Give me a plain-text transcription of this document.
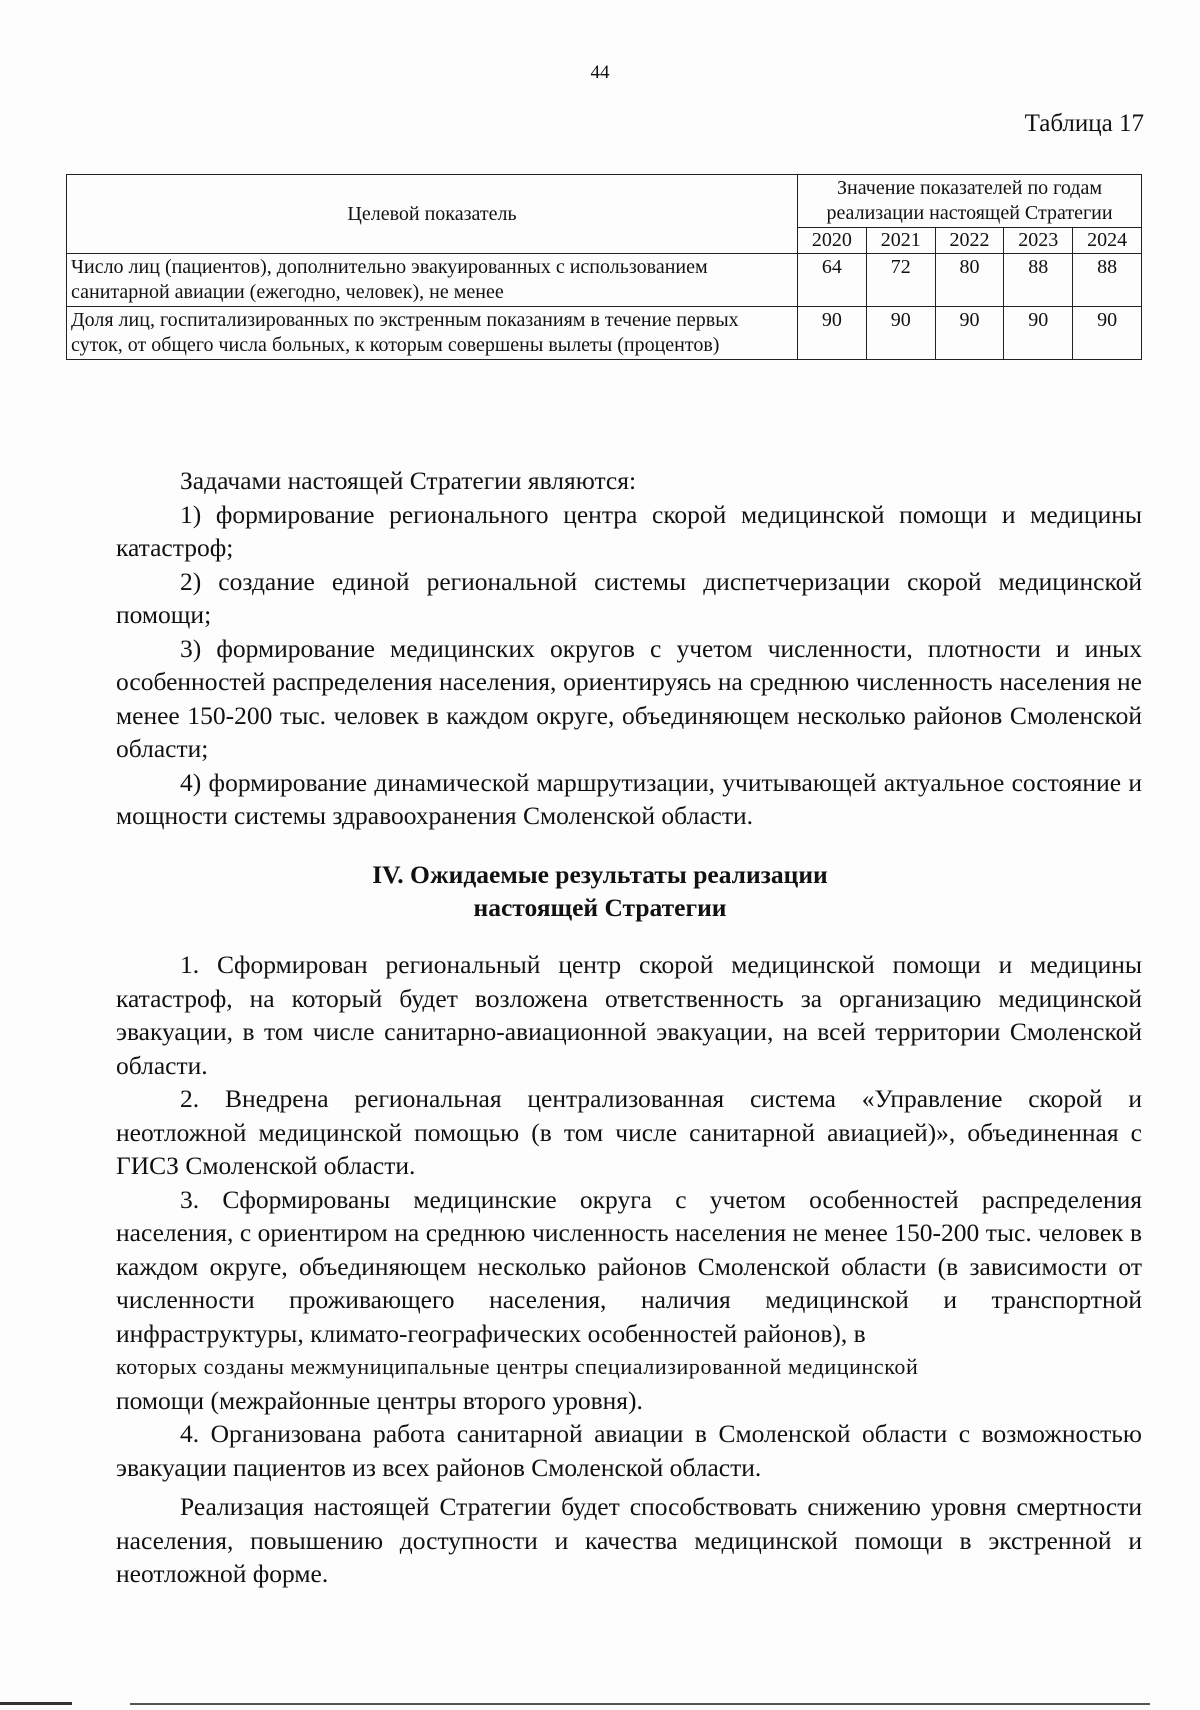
44
Таблица 17
Целевой показатель	Значение показателей по годам реализации настоящей Стратегии				
	2020	2021	2022	2023	2024
Число лиц (пациентов), дополнительно эвакуированных с использованием санитарной авиации (ежегодно, человек), не менее	64	72	80	88	88
Доля лиц, госпитализированных по экстренным показаниям в течение первых суток, от общего числа больных, к которым совершены вылеты (процентов)	90	90	90	90	90

Задачами настоящей Стратегии являются:

1) формирование регионального центра скорой медицинской помощи и медицины катастроф;

2) создание единой региональной системы диспетчеризации скорой медицинской помощи;

3) формирование медицинских округов с учетом численности, плотности и иных особенностей распределения населения, ориентируясь на среднюю численность населения не менее 150-200 тыс. человек в каждом округе, объединяющем несколько районов Смоленской области;

4) формирование динамической маршрутизации, учитывающей актуальное состояние и мощности системы здравоохранения Смоленской области.

IV. Ожидаемые результаты реализации
настоящей Стратегии

1. Сформирован региональный центр скорой медицинской помощи и медицины катастроф, на который будет возложена ответственность за организацию медицинской эвакуации, в том числе санитарно-авиационной эвакуации, на всей территории Смоленской области.

2. Внедрена региональная централизованная система «Управление скорой и неотложной медицинской помощью (в том числе санитарной авиацией)», объединенная с ГИСЗ Смоленской области.

3. Сформированы медицинские округа с учетом особенностей распределения населения, с ориентиром на среднюю численность населения не менее 150-200 тыс. человек в каждом округе, объединяющем несколько районов Смоленской области (в зависимости от численности проживающего населения, наличия медицинской и транспортной инфраструктуры, климато-географических особенностей районов), в

которых созданы межмуниципальные центры специализированной медицинской

помощи (межрайонные центры второго уровня).

4. Организована работа санитарной авиации в Смоленской области с возможностью эвакуации пациентов из всех районов Смоленской области.

Реализация настоящей Стратегии будет способствовать снижению уровня смертности населения, повышению доступности и качества медицинской помощи в экстренной и неотложной форме.
